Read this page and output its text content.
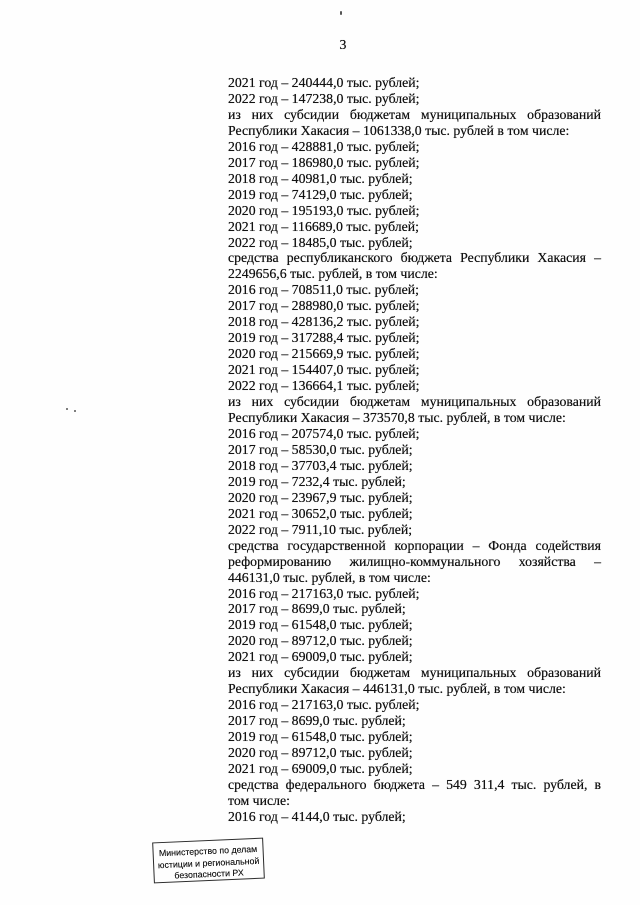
3
2021 год – 240444,0 тыс. рублей;
2022 год – 147238,0 тыс. рублей;
из них субсидии бюджетам муниципальных образований
Республики Хакасия – 1061338,0 тыс. рублей в том числе:
2016 год – 428881,0 тыс. рублей;
2017 год – 186980,0 тыс. рублей;
2018 год – 40981,0 тыс. рублей;
2019 год – 74129,0 тыс. рублей;
2020 год – 195193,0 тыс. рублей;
2021 год – 116689,0 тыс. рублей;
2022 год – 18485,0 тыс. рублей;
средства республиканского бюджета Республики Хакасия –
2249656,6 тыс. рублей, в том числе:
2016 год – 708511,0 тыс. рублей;
2017 год – 288980,0 тыс. рублей;
2018 год – 428136,2 тыс. рублей;
2019 год – 317288,4 тыс. рублей;
2020 год – 215669,9 тыс. рублей;
2021 год – 154407,0 тыс. рублей;
2022 год – 136664,1 тыс. рублей;
из них субсидии бюджетам муниципальных образований
Республики Хакасия – 373570,8 тыс. рублей, в том числе:
2016 год – 207574,0 тыс. рублей;
2017 год – 58530,0 тыс. рублей;
2018 год – 37703,4 тыс. рублей;
2019 год – 7232,4 тыс. рублей;
2020 год – 23967,9 тыс. рублей;
2021 год – 30652,0 тыс. рублей;
2022 год – 7911,10 тыс. рублей;
средства государственной корпорации – Фонда содействия
реформированию жилищно-коммунального хозяйства –
446131,0 тыс. рублей, в том числе:
2016 год – 217163,0 тыс. рублей;
2017 год – 8699,0 тыс. рублей;
2019 год – 61548,0 тыс. рублей;
2020 год – 89712,0 тыс. рублей;
2021 год – 69009,0 тыс. рублей;
из них субсидии бюджетам муниципальных образований
Республики Хакасия – 446131,0 тыс. рублей, в том числе:
2016 год – 217163,0 тыс. рублей;
2017 год – 8699,0 тыс. рублей;
2019 год – 61548,0 тыс. рублей;
2020 год – 89712,0 тыс. рублей;
2021 год – 69009,0 тыс. рублей;
средства федерального бюджета – 549 311,4 тыс. рублей, в
том числе:
2016 год – 4144,0 тыс. рублей;
Министерство по делам
юстиции и региональной
безопасности РХ
